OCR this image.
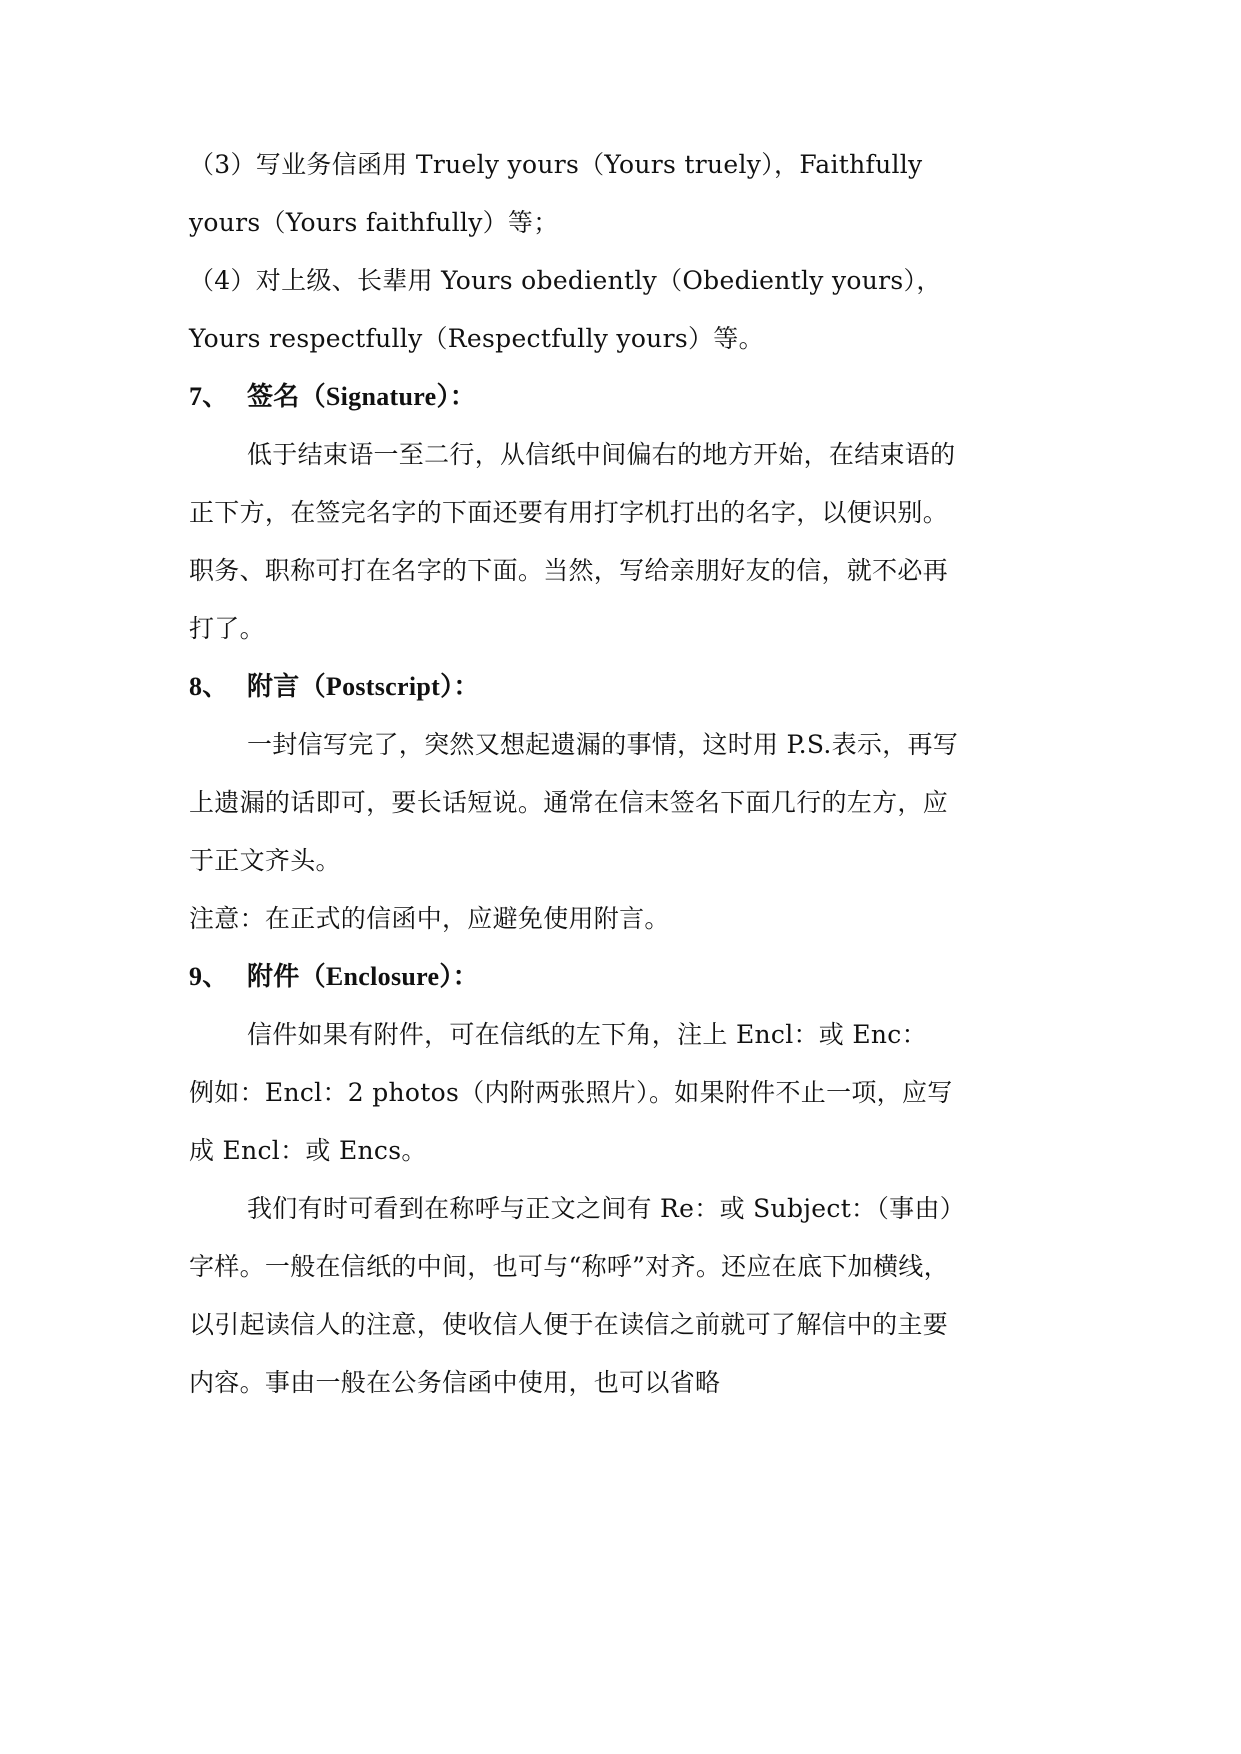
（3）写业务信函用 Truely yours（Yours truely），Faithfully
yours（Yours faithfully）等；
（4）对上级、长辈用 Yours obediently（Obediently yours），
Yours respectfully（Respectfully yours）等。
7、 签名（Signature）：
低于结束语一至二行，从信纸中间偏右的地方开始，在结束语的
正下方，在签完名字的下面还要有用打字机打出的名字，以便识别。
职务、职称可打在名字的下面。当然，写给亲朋好友的信，就不必再
打了。
8、 附言（Postscript）：
一封信写完了，突然又想起遗漏的事情，这时用 P.S.表示，再写
上遗漏的话即可，要长话短说。通常在信末签名下面几行的左方，应
于正文齐头。
注意：在正式的信函中，应避免使用附言。
9、 附件（Enclosure）：
信件如果有附件，可在信纸的左下角，注上 Encl：或 Enc：
例如：Encl：2 photos（内附两张照片）。如果附件不止一项，应写
成 Encl：或 Encs。
我们有时可看到在称呼与正文之间有 Re：或 Subject：（事由）
字样。一般在信纸的中间，也可与“称呼”对齐。还应在底下加横线，
以引起读信人的注意，使收信人便于在读信之前就可了解信中的主要
内容。事由一般在公务信函中使用，也可以省略
